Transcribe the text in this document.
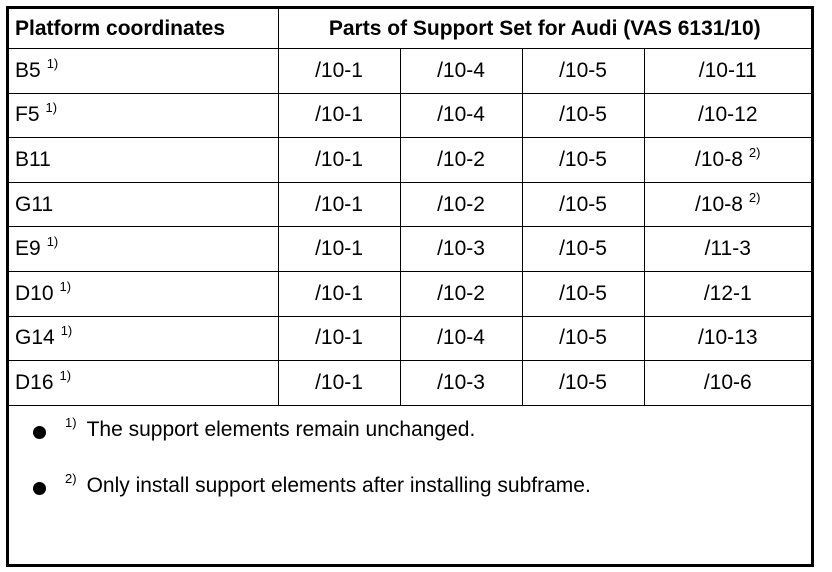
Platform coordinates	Parts of Support Set for Audi (VAS 6131/10)			
B5 $^{1)}$	/10-1	/10-4	/10-5	/10-11
F5 $^{1)}$	/10-1	/10-4	/10-5	/10-12
B11	/10-1	/10-2	/10-5	/10-8 $^{2)}$
G11	/10-1	/10-2	/10-5	/10-8 $^{2)}$
E9 $^{1)}$	/10-1	/10-3	/10-5	/11-3
D10 $^{1)}$	/10-1	/10-2	/10-5	/12-1
G14 $^{1)}$	/10-1	/10-4	/10-5	/10-13
D16 $^{1)}$	/10-1	/10-3	/10-5	/10-6
$^{1)}$ The support elements remain unchanged.
$^{2)}$ Only install support elements after installing subframe.
